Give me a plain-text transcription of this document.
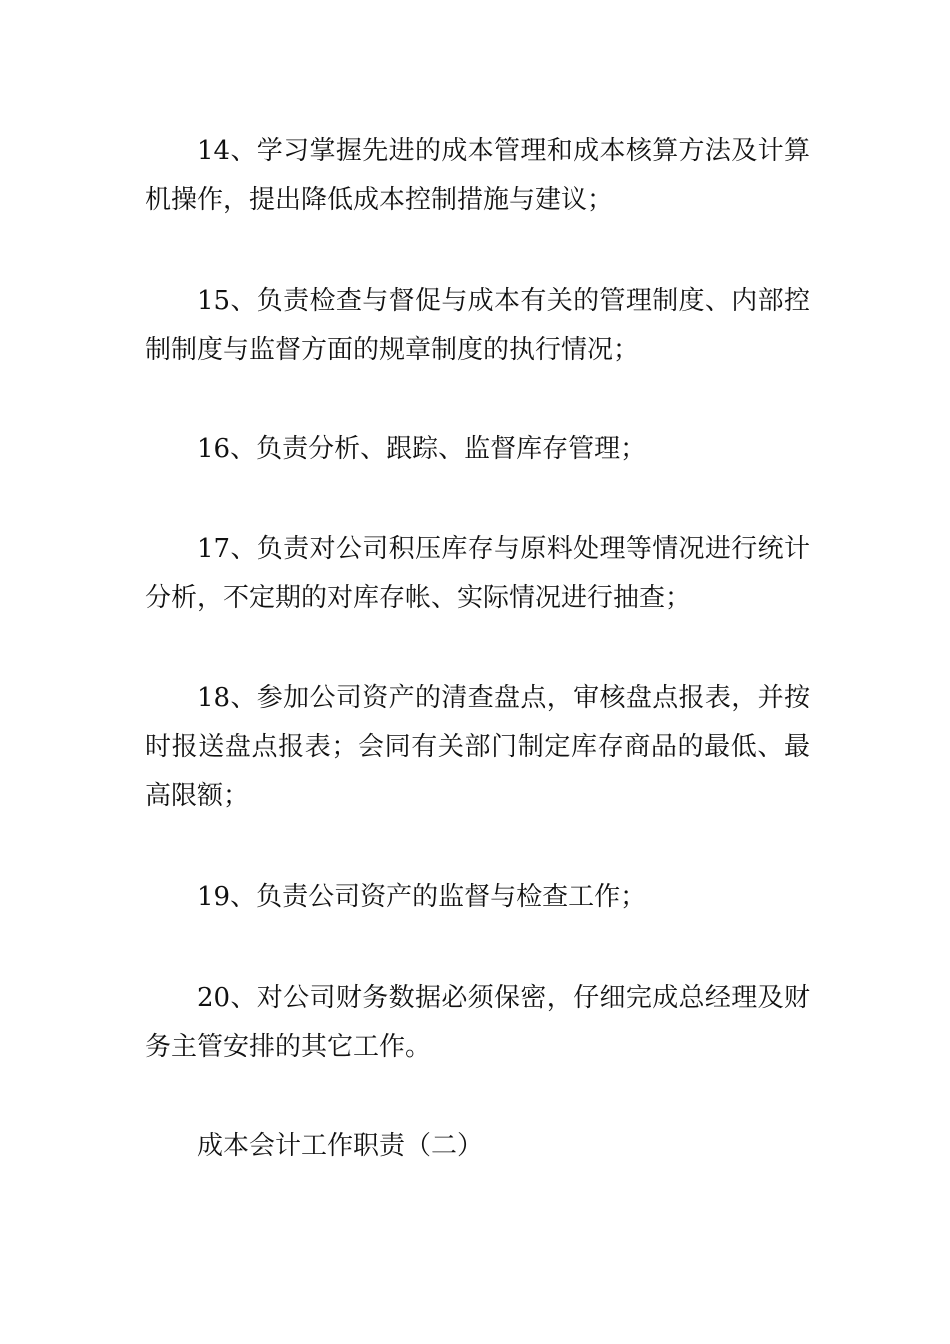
14、学习掌握先进的成本管理和成本核算方法及计算机操作，提出降低成本控制措施与建议；

15、负责检查与督促与成本有关的管理制度、内部控制制度与监督方面的规章制度的执行情况；

16、负责分析、跟踪、监督库存管理；

17、负责对公司积压库存与原料处理等情况进行统计分析，不定期的对库存帐、实际情况进行抽查；

18、参加公司资产的清查盘点，审核盘点报表，并按时报送盘点报表；会同有关部门制定库存商品的最低、最高限额；

19、负责公司资产的监督与检查工作；

20、对公司财务数据必须保密，仔细完成总经理及财务主管安排的其它工作。

成本会计工作职责（二）
